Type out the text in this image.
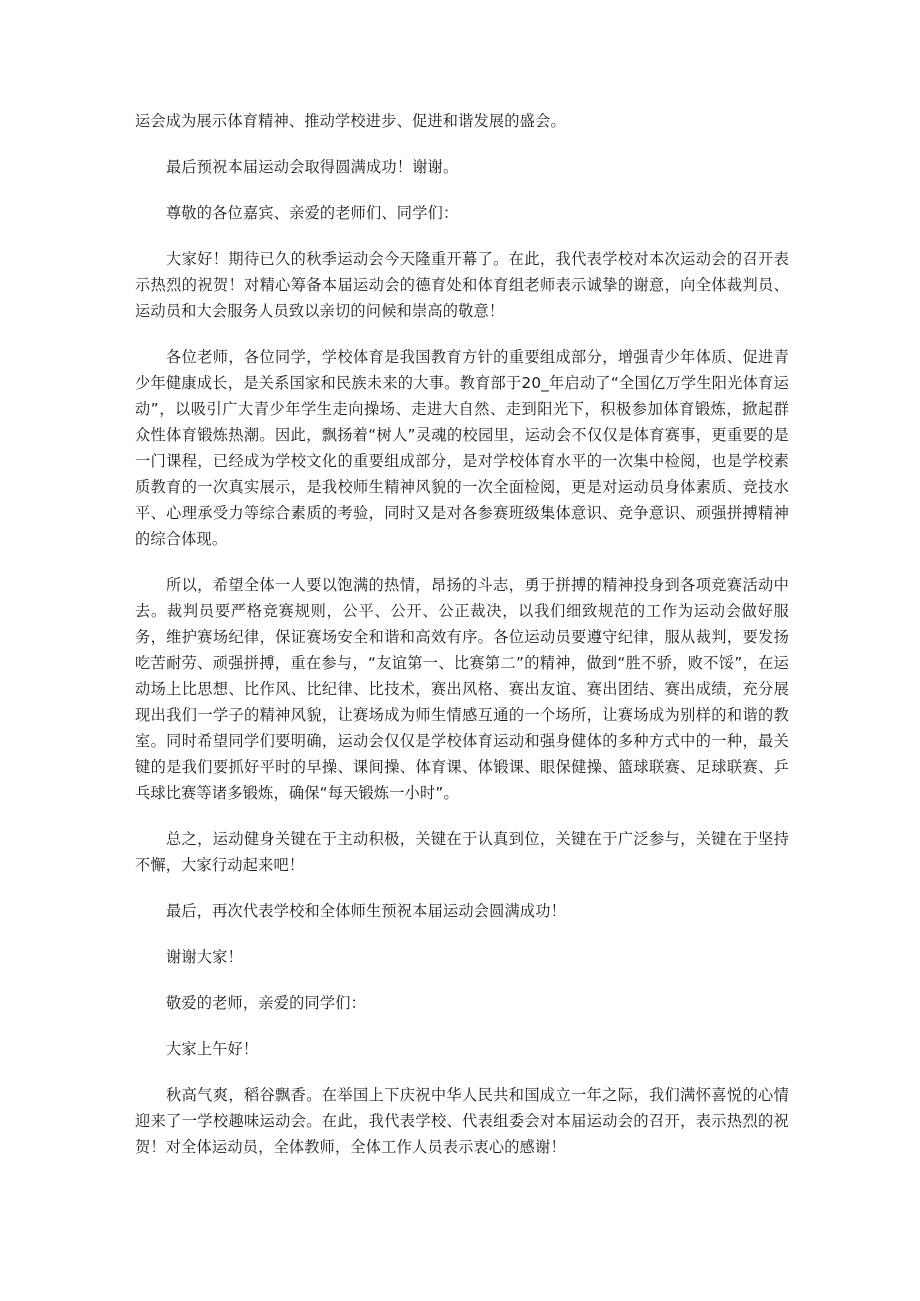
运会成为展示体育精神、推动学校进步、促进和谐发展的盛会。

最后预祝本届运动会取得圆满成功！谢谢。

尊敬的各位嘉宾、亲爱的老师们、同学们：

大家好！期待已久的秋季运动会今天隆重开幕了。在此，我代表学校对本次运动会的召开表示热烈的祝贺！对精心筹备本届运动会的德育处和体育组老师表示诚挚的谢意，向全体裁判员、运动员和大会服务人员致以亲切的问候和崇高的敬意！

各位老师，各位同学，学校体育是我国教育方针的重要组成部分，增强青少年体质、促进青少年健康成长，是关系国家和民族未来的大事。教育部于20_年启动了“全国亿万学生阳光体育运动”，以吸引广大青少年学生走向操场、走进大自然、走到阳光下，积极参加体育锻炼，掀起群众性体育锻炼热潮。因此，飘扬着“树人”灵魂的校园里，运动会不仅仅是体育赛事，更重要的是一门课程，已经成为学校文化的重要组成部分，是对学校体育水平的一次集中检阅，也是学校素质教育的一次真实展示，是我校师生精神风貌的一次全面检阅，更是对运动员身体素质、竞技水平、心理承受力等综合素质的考验，同时又是对各参赛班级集体意识、竞争意识、顽强拼搏精神的综合体现。

所以，希望全体一人要以饱满的热情，昂扬的斗志，勇于拼搏的精神投身到各项竞赛活动中去。裁判员要严格竞赛规则，公平、公开、公正裁决，以我们细致规范的工作为运动会做好服务，维护赛场纪律，保证赛场安全和谐和高效有序。各位运动员要遵守纪律，服从裁判，要发扬吃苦耐劳、顽强拼搏，重在参与，“友谊第一、比赛第二”的精神，做到“胜不骄，败不馁”，在运动场上比思想、比作风、比纪律、比技术，赛出风格、赛出友谊、赛出团结、赛出成绩，充分展现出我们一学子的精神风貌，让赛场成为师生情感互通的一个场所，让赛场成为别样的和谐的教室。同时希望同学们要明确，运动会仅仅是学校体育运动和强身健体的多种方式中的一种，最关键的是我们要抓好平时的早操、课间操、体育课、体锻课、眼保健操、篮球联赛、足球联赛、乒乓球比赛等诸多锻炼，确保“每天锻炼一小时”。

总之，运动健身关键在于主动积极，关键在于认真到位，关键在于广泛参与，关键在于坚持不懈，大家行动起来吧！

最后，再次代表学校和全体师生预祝本届运动会圆满成功！

谢谢大家！

敬爱的老师，亲爱的同学们：

大家上午好！

秋高气爽，稻谷飘香。在举国上下庆祝中华人民共和国成立一年之际，我们满怀喜悦的心情迎来了一学校趣味运动会。在此，我代表学校、代表组委会对本届运动会的召开，表示热烈的祝贺！对全体运动员，全体教师，全体工作人员表示衷心的感谢！
